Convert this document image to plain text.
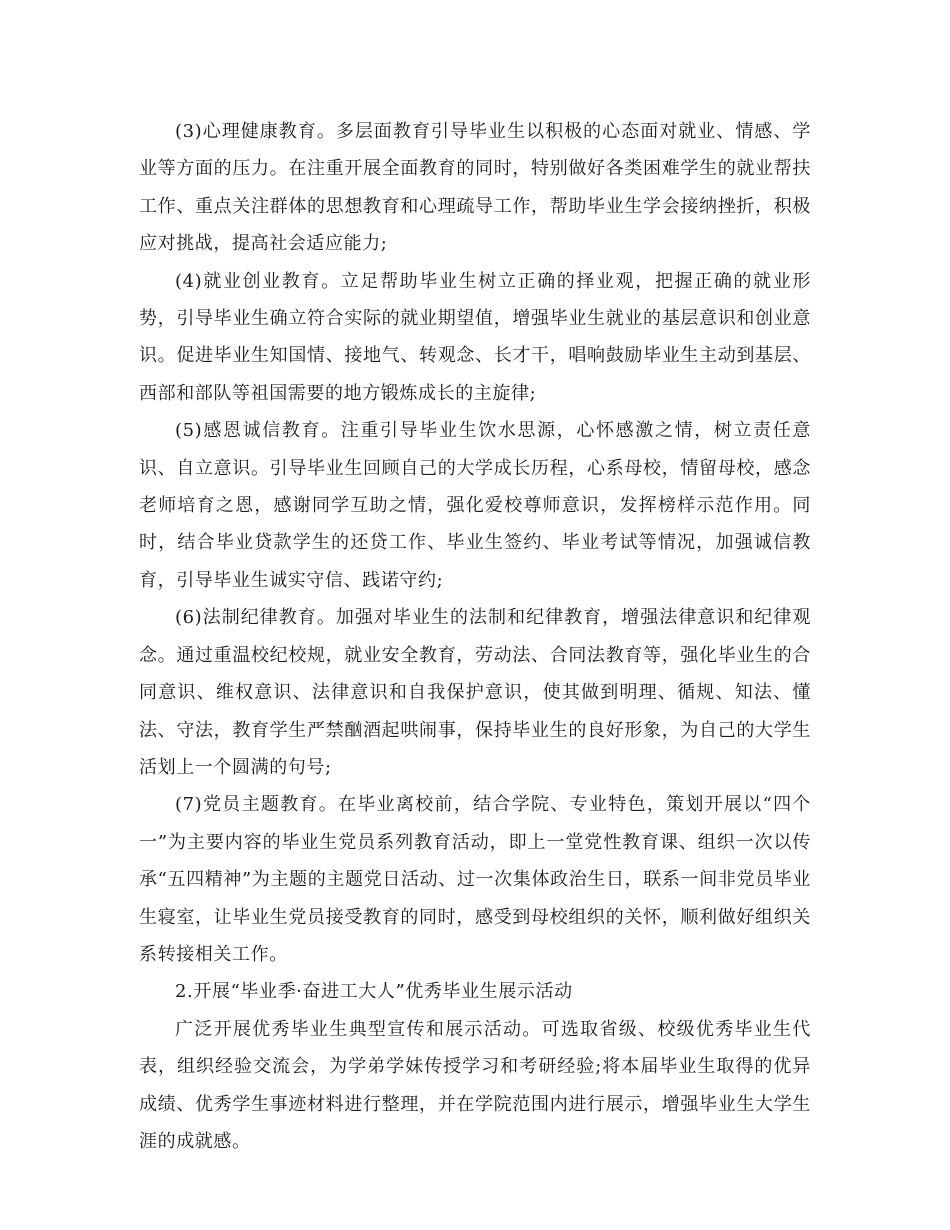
(3)心理健康教育。多层面教育引导毕业生以积极的心态面对就业、情感、学业等方面的压力。在注重开展全面教育的同时，特别做好各类困难学生的就业帮扶工作、重点关注群体的思想教育和心理疏导工作，帮助毕业生学会接纳挫折，积极应对挑战，提高社会适应能力;

(4)就业创业教育。立足帮助毕业生树立正确的择业观，把握正确的就业形势，引导毕业生确立符合实际的就业期望值，增强毕业生就业的基层意识和创业意识。促进毕业生知国情、接地气、转观念、长才干，唱响鼓励毕业生主动到基层、西部和部队等祖国需要的地方锻炼成长的主旋律;

(5)感恩诚信教育。注重引导毕业生饮水思源，心怀感激之情，树立责任意识、自立意识。引导毕业生回顾自己的大学成长历程，心系母校，情留母校，感念老师培育之恩，感谢同学互助之情，强化爱校尊师意识，发挥榜样示范作用。同时，结合毕业贷款学生的还贷工作、毕业生签约、毕业考试等情况，加强诚信教育，引导毕业生诚实守信、践诺守约;

(6)法制纪律教育。加强对毕业生的法制和纪律教育，增强法律意识和纪律观念。通过重温校纪校规，就业安全教育，劳动法、合同法教育等，强化毕业生的合同意识、维权意识、法律意识和自我保护意识，使其做到明理、循规、知法、懂法、守法，教育学生严禁酗酒起哄闹事，保持毕业生的良好形象，为自己的大学生活划上一个圆满的句号;

(7)党员主题教育。在毕业离校前，结合学院、专业特色，策划开展以“四个一”为主要内容的毕业生党员系列教育活动，即上一堂党性教育课、组织一次以传承“五四精神”为主题的主题党日活动、过一次集体政治生日，联系一间非党员毕业生寝室，让毕业生党员接受教育的同时，感受到母校组织的关怀，顺利做好组织关系转接相关工作。

2.开展“毕业季·奋进工大人”优秀毕业生展示活动

广泛开展优秀毕业生典型宣传和展示活动。可选取省级、校级优秀毕业生代表，组织经验交流会，为学弟学妹传授学习和考研经验;将本届毕业生取得的优异成绩、优秀学生事迹材料进行整理，并在学院范围内进行展示，增强毕业生大学生涯的成就感。
